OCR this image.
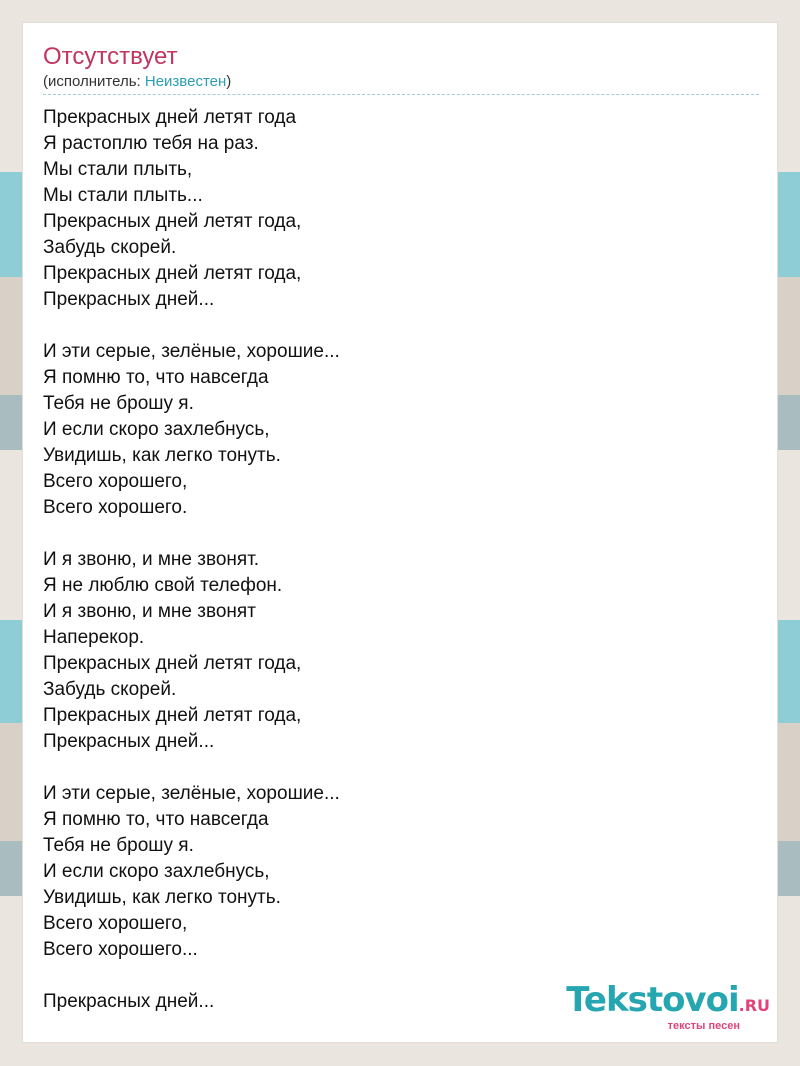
Отсутствует
(исполнитель: Неизвестен)
Прекрасных дней летят года
Я растоплю тебя на раз.
Мы стали плыть,
Мы стали плыть...
Прекрасных дней летят года,
Забудь скорей.
Прекрасных дней летят года,
Прекрасных дней...
И эти серые, зелёные, хорошие...
Я помню то, что навсегда
Тебя не брошу я.
И если скоро захлебнусь,
Увидишь, как легко тонуть.
Всего хорошего,
Всего хорошего.
И я звоню, и мне звонят.
Я не люблю свой телефон.
И я звоню, и мне звонят
Наперекор.
Прекрасных дней летят года,
Забудь скорей.
Прекрасных дней летят года,
Прекрасных дней...
И эти серые, зелёные, хорошие...
Я помню то, что навсегда
Тебя не брошу я.
И если скоро захлебнусь,
Увидишь, как легко тонуть.
Всего хорошего,
Всего хорошего...
Прекрасных дней...	Tekstovoi.RU
тексты песен
